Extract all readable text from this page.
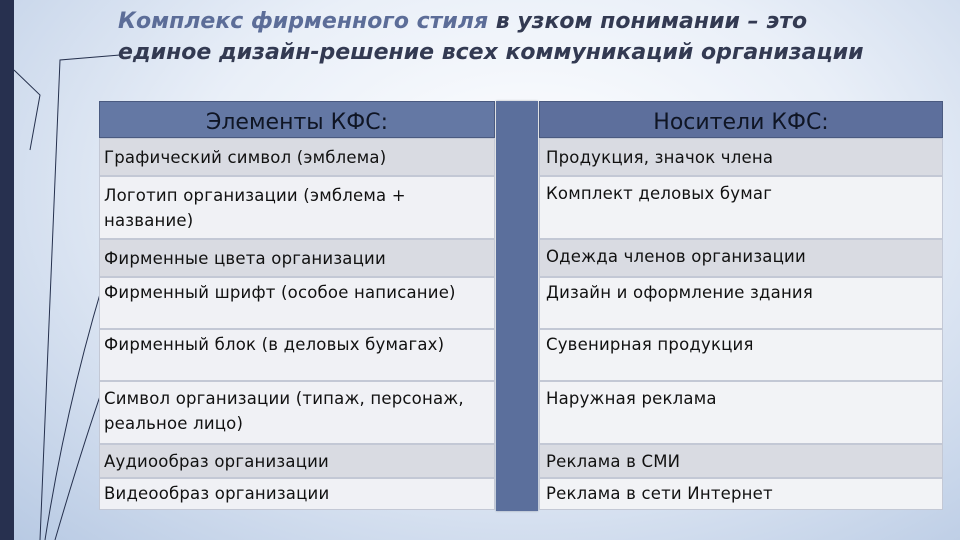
Комплекс фирменного стиля в узком понимании – это
единое дизайн-решение всех коммуникаций организации
Элементы КФС:
Графический символ (эмблема)
Логотип организации (эмблема + название)
Фирменные цвета организации
Фирменный шрифт (особое написание)
Фирменный блок (в деловых бумагах)
Символ организации (типаж, персонаж, реальное лицо)
Аудиообраз организации
Видеообраз организации
Носители КФС:
Продукция, значок члена
Комплект деловых бумаг
Одежда членов организации
Дизайн и оформление здания
Сувенирная продукция
Наружная реклама
Реклама в СМИ
Реклама в сети Интернет
